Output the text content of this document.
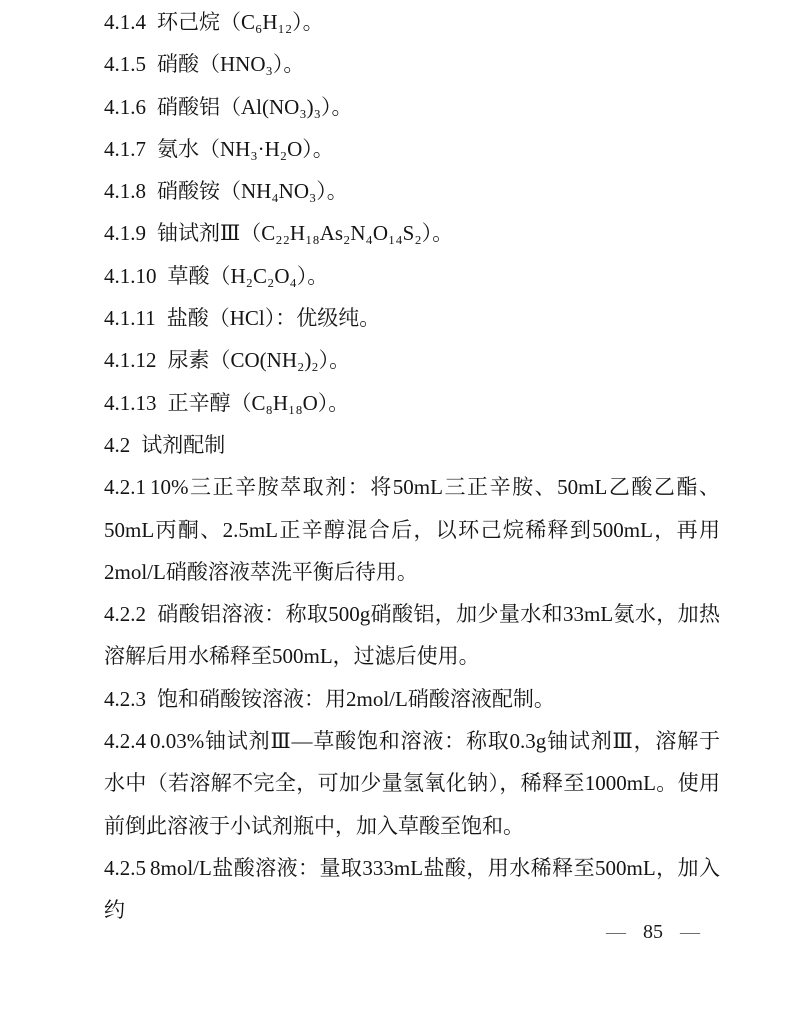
4.1.4 环己烷（C₆H₁₂）。
4.1.5 硝酸（HNO₃）。
4.1.6 硝酸铝（Al(NO₃)₃）。
4.1.7 氨水（NH₃·H₂O）。
4.1.8 硝酸铵（NH₄NO₃）。
4.1.9 铀试剂Ⅲ（C₂₂H₁₈As₂N₄O₁₄S₂）。
4.1.10 草酸（H₂C₂O₄）。
4.1.11 盐酸（HCl）：优级纯。
4.1.12 尿素（CO(NH₂)₂）。
4.1.13 正辛醇（C₈H₁₈O）。
4.2 试剂配制
4.2.1 10%三正辛胺萃取剂：将50mL三正辛胺、50mL乙酸乙酯、50mL丙酮、2.5mL正辛醇混合后，以环己烷稀释到500mL，再用2mol/L硝酸溶液萃洗平衡后待用。
4.2.2 硝酸铝溶液：称取500g硝酸铝，加少量水和33mL氨水，加热溶解后用水稀释至500mL，过滤后使用。
4.2.3 饱和硝酸铵溶液：用2mol/L硝酸溶液配制。
4.2.4 0.03%铀试剂Ⅲ—草酸饱和溶液：称取0.3g铀试剂Ⅲ，溶解于水中（若溶解不完全，可加少量氢氧化钠），稀释至1000mL。使用前倒此溶液于小试剂瓶中，加入草酸至饱和。
4.2.5 8mol/L盐酸溶液：量取333mL盐酸，用水稀释至500mL，加入约
— 85 —
